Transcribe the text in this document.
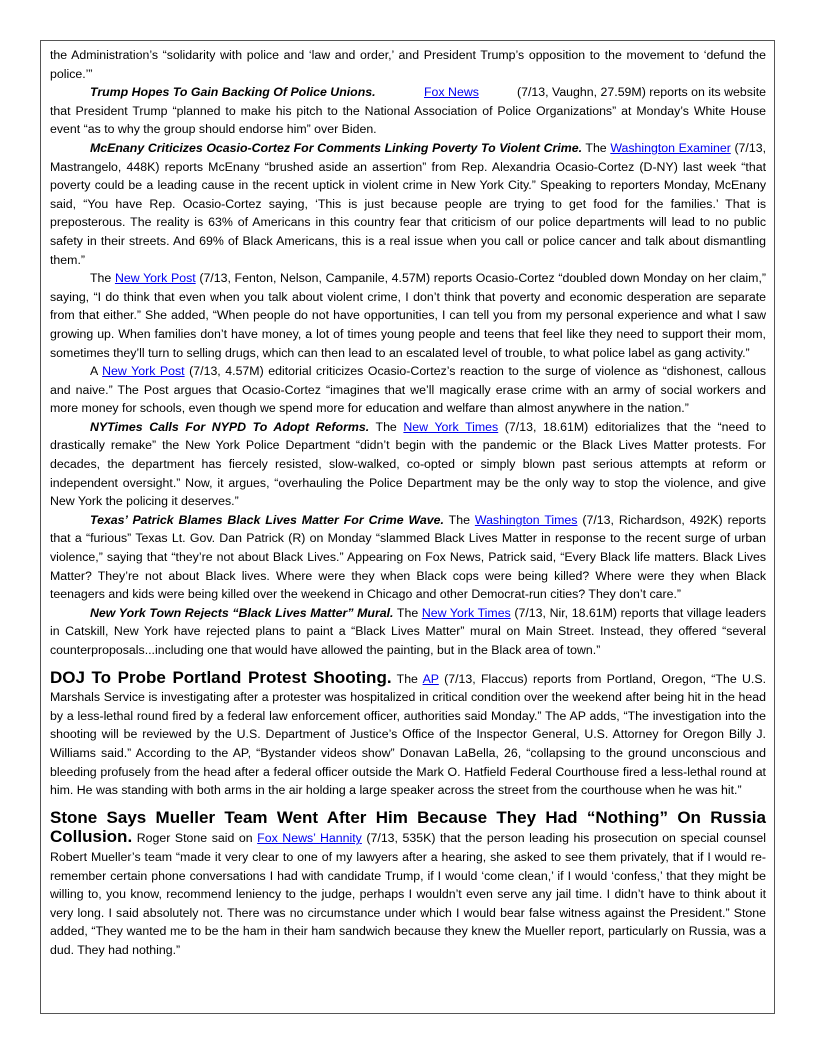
the Administration’s “solidarity with police and ‘law and order,’ and President Trump’s opposition to the movement to ‘defund the police.’”

Trump Hopes To Gain Backing Of Police Unions.	Fox News	(7/13, Vaughn, 27.59M) reports on its website that President Trump “planned to make his pitch to the National Association of Police Organizations” at Monday’s White House event “as to why the group should endorse him” over Biden.

McEnany Criticizes Ocasio-Cortez For Comments Linking Poverty To Violent Crime. The Washington Examiner (7/13, Mastrangelo, 448K) reports McEnany “brushed aside an assertion” from Rep. Alexandria Ocasio-Cortez (D-NY) last week “that poverty could be a leading cause in the recent uptick in violent crime in New York City.” Speaking to reporters Monday, McEnany said, “You have Rep. Ocasio-Cortez saying, ‘This is just because people are trying to get food for the families.’ That is preposterous. The reality is 63% of Americans in this country fear that criticism of our police departments will lead to no public safety in their streets. And 69% of Black Americans, this is a real issue when you call or police cancer and talk about dismantling them.”

The New York Post (7/13, Fenton, Nelson, Campanile, 4.57M) reports Ocasio-Cortez “doubled down Monday on her claim,” saying, “I do think that even when you talk about violent crime, I don’t think that poverty and economic desperation are separate from that either.” She added, “When people do not have opportunities, I can tell you from my personal experience and what I saw growing up. When families don’t have money, a lot of times young people and teens that feel like they need to support their mom, sometimes they’ll turn to selling drugs, which can then lead to an escalated level of trouble, to what police label as gang activity.”

A New York Post (7/13, 4.57M) editorial criticizes Ocasio-Cortez’s reaction to the surge of violence as “dishonest, callous and naive.” The Post argues that Ocasio-Cortez “imagines that we’ll magically erase crime with an army of social workers and more money for schools, even though we spend more for education and welfare than almost anywhere in the nation.”

NYTimes Calls For NYPD To Adopt Reforms. The New York Times (7/13, 18.61M) editorializes that the “need to drastically remake” the New York Police Department “didn’t begin with the pandemic or the Black Lives Matter protests. For decades, the department has fiercely resisted, slow-walked, co-opted or simply blown past serious attempts at reform or independent oversight.” Now, it argues, “overhauling the Police Department may be the only way to stop the violence, and give New York the policing it deserves.”

Texas’ Patrick Blames Black Lives Matter For Crime Wave. The Washington Times (7/13, Richardson, 492K) reports that a “furious” Texas Lt. Gov. Dan Patrick (R) on Monday “slammed Black Lives Matter in response to the recent surge of urban violence,” saying that “they’re not about Black Lives.” Appearing on Fox News, Patrick said, “Every Black life matters. Black Lives Matter? They’re not about Black lives. Where were they when Black cops were being killed? Where were they when Black teenagers and kids were being killed over the weekend in Chicago and other Democrat-run cities? They don’t care.”

New York Town Rejects “Black Lives Matter” Mural. The New York Times (7/13, Nir, 18.61M) reports that village leaders in Catskill, New York have rejected plans to paint a “Black Lives Matter” mural on Main Street. Instead, they offered “several counterproposals...including one that would have allowed the painting, but in the Black area of town.”

DOJ To Probe Portland Protest Shooting. The AP (7/13, Flaccus) reports from Portland, Oregon, “The U.S. Marshals Service is investigating after a protester was hospitalized in critical condition over the weekend after being hit in the head by a less-lethal round fired by a federal law enforcement officer, authorities said Monday.” The AP adds, “The investigation into the shooting will be reviewed by the U.S. Department of Justice’s Office of the Inspector General, U.S. Attorney for Oregon Billy J. Williams said.” According to the AP, “Bystander videos show” Donavan LaBella, 26, “collapsing to the ground unconscious and bleeding profusely from the head after a federal officer outside the Mark O. Hatfield Federal Courthouse fired a less-lethal round at him. He was standing with both arms in the air holding a large speaker across the street from the courthouse when he was hit.”

Stone Says Mueller Team Went After Him Because They Had “Nothing” On Russia Collusion. Roger Stone said on Fox News’ Hannity (7/13, 535K) that the person leading his prosecution on special counsel Robert Mueller’s team “made it very clear to one of my lawyers after a hearing, she asked to see them privately, that if I would re-remember certain phone conversations I had with candidate Trump, if I would ‘come clean,’ if I would ‘confess,’ that they might be willing to, you know, recommend leniency to the judge, perhaps I wouldn’t even serve any jail time. I didn’t have to think about it very long. I said absolutely not. There was no circumstance under which I would bear false witness against the President.” Stone added, “They wanted me to be the ham in their ham sandwich because they knew the Mueller report, particularly on Russia, was a dud. They had nothing.”
